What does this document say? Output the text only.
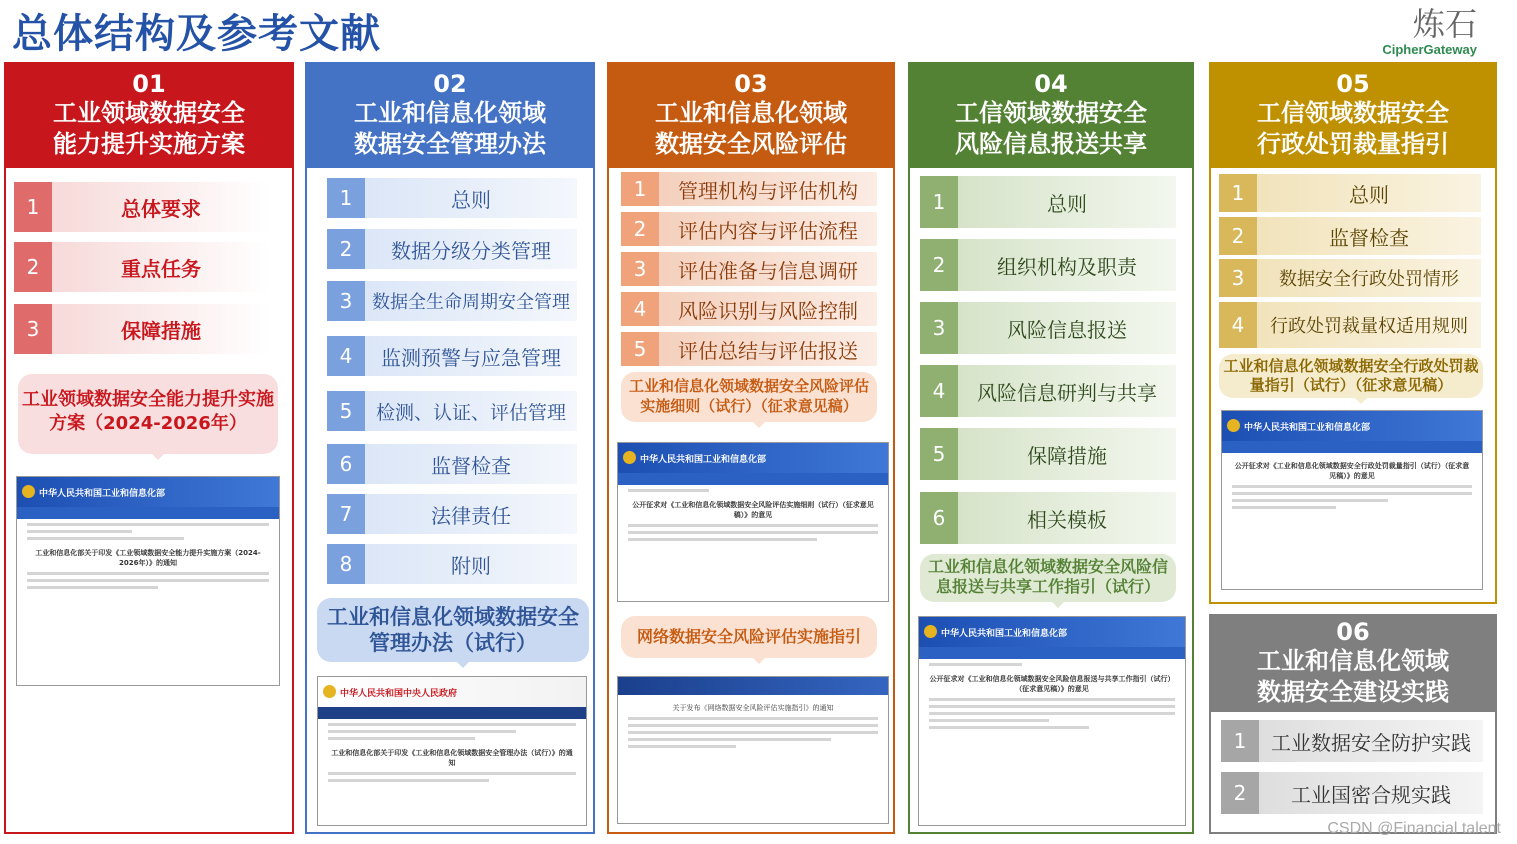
总体结构及参考文献	炼石
CipherGateway
01
工业领域数据安全
能力提升实施方案
1	总体要求
2	重点任务
3	保障措施
工业领域数据安全能力提升实施方案（2024-2026年）
中华人民共和国工业和信息化部
工业和信息化部关于印发《工业领域数据安全能力提升实施方案（2024-2026年）》的通知
02
工业和信息化领域
数据安全管理办法
1	总则
2	数据分级分类管理
3	数据全生命周期安全管理
4	监测预警与应急管理
5	检测、认证、评估管理
6	监督检查
7	法律责任
8	附则
工业和信息化领域数据安全管理办法（试行）
中华人民共和国中央人民政府
工业和信息化部关于印发《工业和信息化领域数据安全管理办法（试行）》的通知
03
工业和信息化领域
数据安全风险评估
1	管理机构与评估机构
2	评估内容与评估流程
3	评估准备与信息调研
4	风险识别与风险控制
5	评估总结与评估报送
工业和信息化领域数据安全风险评估实施细则（试行）（征求意见稿）
中华人民共和国工业和信息化部
公开征求对《工业和信息化领域数据安全风险评估实施细则（试行）（征求意见稿）》的意见
网络数据安全风险评估实施指引
关于发布《网络数据安全风险评估实施指引》的通知
04
工信领域数据安全
风险信息报送共享
1	总则
2	组织机构及职责
3	风险信息报送
4	风险信息研判与共享
5	保障措施
6	相关模板
工业和信息化领域数据安全风险信息报送与共享工作指引（试行）
中华人民共和国工业和信息化部
公开征求对《工业和信息化领域数据安全风险信息报送与共享工作指引（试行）（征求意见稿）》的意见
05
工信领域数据安全
行政处罚裁量指引
1	总则
2	监督检查
3	数据安全行政处罚情形
4	行政处罚裁量权适用规则
工业和信息化领域数据安全行政处罚裁量指引（试行）（征求意见稿）
中华人民共和国工业和信息化部
公开征求对《工业和信息化领域数据安全行政处罚裁量指引（试行）（征求意见稿）》的意见
06
工业和信息化领域
数据安全建设实践
1	工业数据安全防护实践
2	工业国密合规实践
CSDN @Financial talent
